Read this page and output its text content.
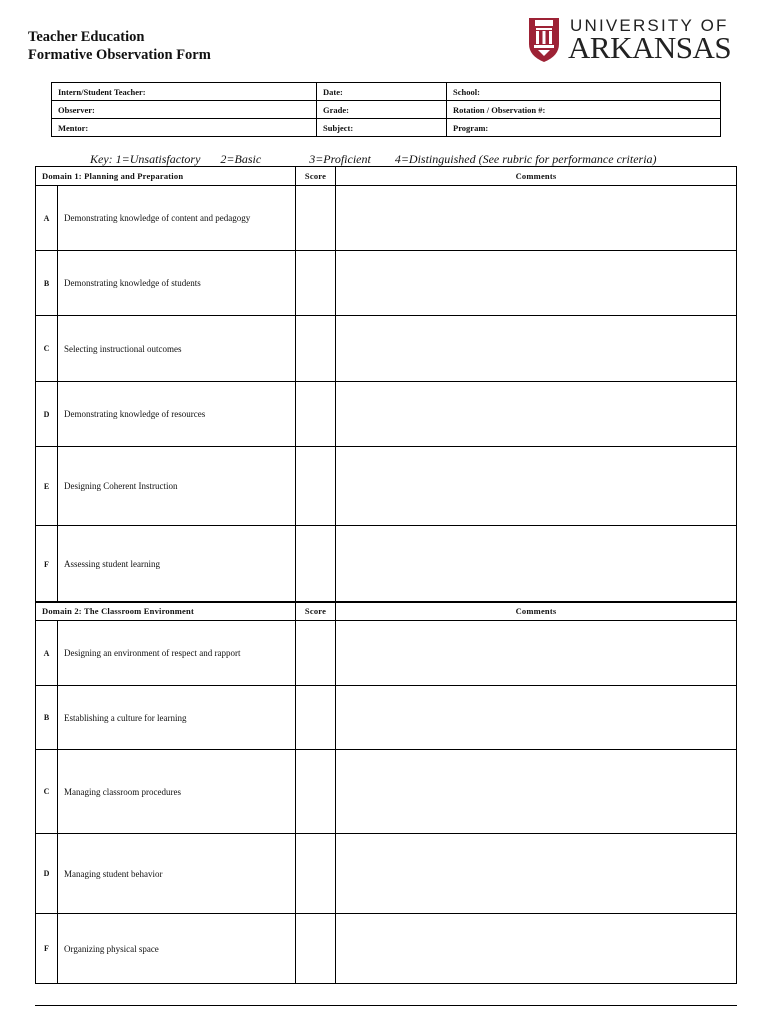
Teacher Education
Formative Observation Form
UNIVERSITY OF
ARKANSAS
Intern/Student Teacher:	Date:	School:
Observer:	Grade:	Rotation / Observation #:
Mentor:	Subject:	Program:
Key: 1=Unsatisfactory 2=Basic	3=Proficient 4=Distinguished (See rubric for performance criteria)
Domain 1: Planning and Preparation		Score	Comments
A	Demonstrating knowledge of content and pedagogy		
B	Demonstrating knowledge of students		
C	Selecting instructional outcomes		
D	Demonstrating knowledge of resources		
E	Designing Coherent Instruction		
F	Assessing student learning		
Domain 2: The Classroom Environment		Score	Comments
A	Designing an environment of respect and rapport		
B	Establishing a culture for learning		
C	Managing classroom procedures		
D	Managing student behavior		
F	Organizing physical space		
